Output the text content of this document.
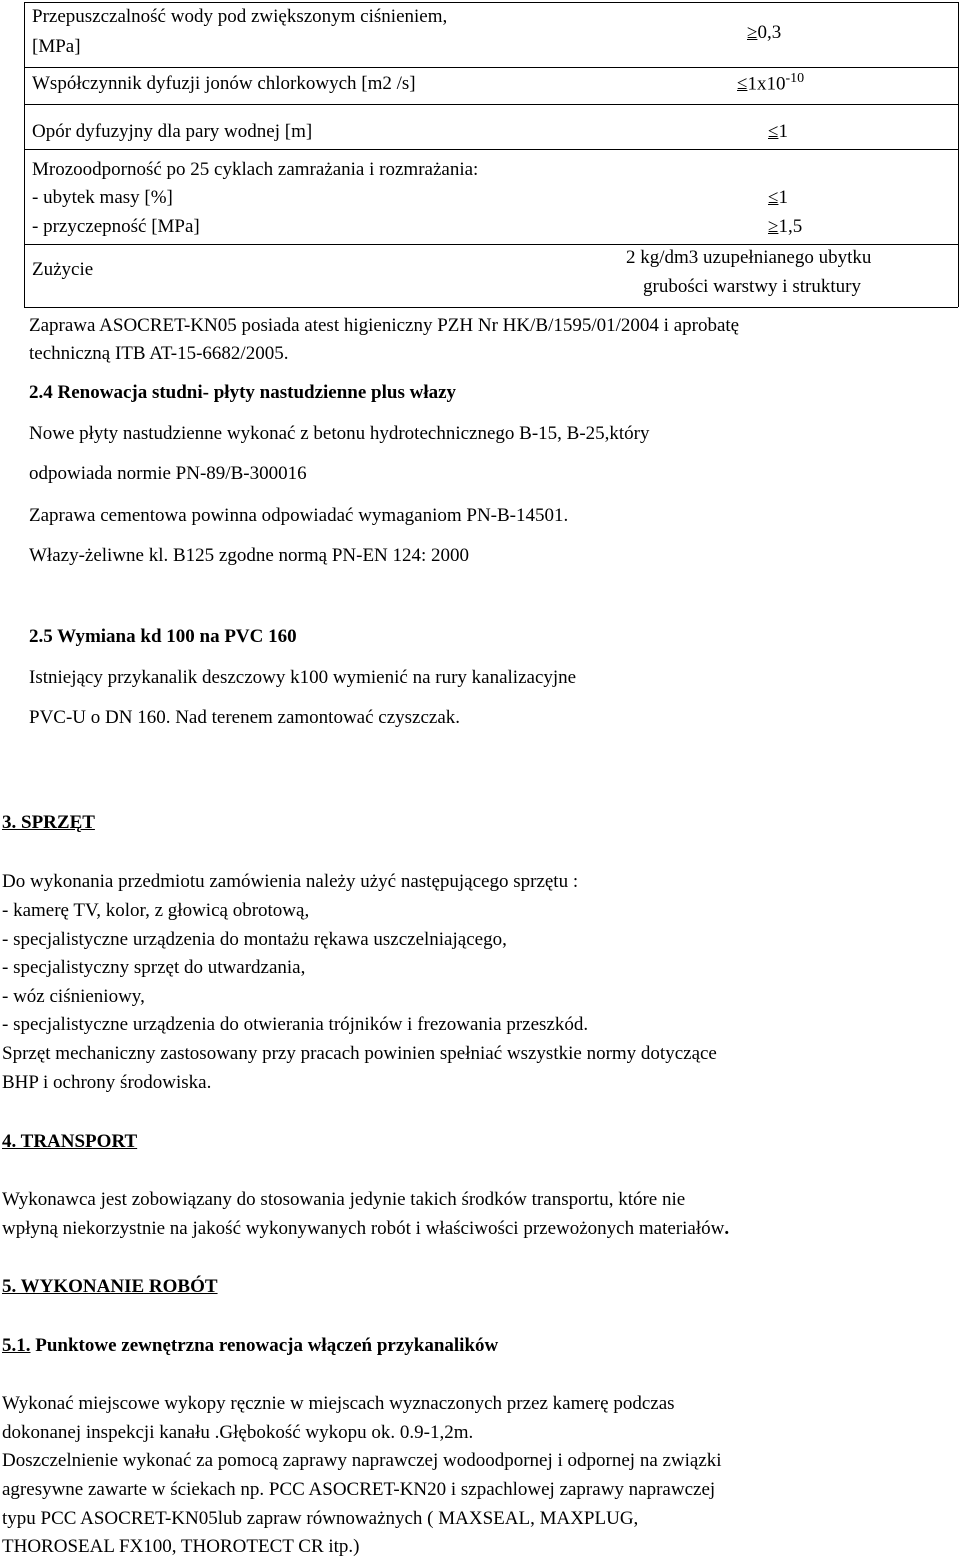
Przepuszczalność wody pod zwiększonym ciśnieniem,
[MPa]
≥ 0,3
Współczynnik dyfuzji jonów chlorkowych [m2 /s]	≤ $1x10^{-10}$
Opór dyfuzyjny dla pary wodnej [m]	≤ 1
Mrozoodporność po 25 cyklach zamrażania i rozmrażania:
- ubytek masy [%]
- przyczepność [MPa]
≤ 1
≥ 1,5
Zużycie
2 kg/dm3 uzupełnianego ubytku
grubości warstwy i struktury
Zaprawa ASOCRET-KN05 posiada atest higieniczny PZH Nr HK/B/1595/01/2004 i aprobatę
techniczną ITB AT-15-6682/2005.
2.4 Renowacja studni- płyty nastudzienne plus włazy
Nowe płyty nastudzienne wykonać z betonu hydrotechnicznego B-15, B-25,który
odpowiada normie PN-89/B-300016
Zaprawa cementowa powinna odpowiadać wymaganiom PN-B-14501.
Włazy-żeliwne kl. B125 zgodne normą PN-EN 124: 2000
2.5 Wymiana kd 100 na PVC 160
Istniejący przykanalik deszczowy k100 wymienić na rury kanalizacyjne
PVC-U o DN 160. Nad terenem zamontować czyszczak.
3. SPRZĘT
Do wykonania przedmiotu zamówienia należy użyć następującego sprzętu :
- kamerę TV, kolor, z głowicą obrotową,
- specjalistyczne urządzenia do montażu rękawa uszczelniającego,
- specjalistyczny sprzęt do utwardzania,
- wóz ciśnieniowy,
- specjalistyczne urządzenia do otwierania trójników i frezowania przeszkód.
Sprzęt mechaniczny zastosowany przy pracach powinien spełniać wszystkie normy dotyczące
BHP i ochrony środowiska.
4. TRANSPORT
Wykonawca jest zobowiązany do stosowania jedynie takich środków transportu, które nie
wpłyną niekorzystnie na jakość wykonywanych robót i właściwości przewożonych materiałów.
5. WYKONANIE ROBÓT
5.1. Punktowe zewnętrzna renowacja włączeń przykanalików
Wykonać miejscowe wykopy ręcznie w miejscach wyznaczonych przez kamerę podczas
dokonanej inspekcji kanału .Głębokość wykopu ok. 0.9-1,2m.
Doszczelnienie wykonać za pomocą zaprawy naprawczej wodoodpornej i odpornej na związki
agresywne zawarte w ściekach np. PCC ASOCRET-KN20 i szpachlowej zaprawy naprawczej
typu PCC ASOCRET-KN05lub zapraw równoważnych ( MAXSEAL, MAXPLUG,
THOROSEAL FX100, THOROTECT CR itp.)
